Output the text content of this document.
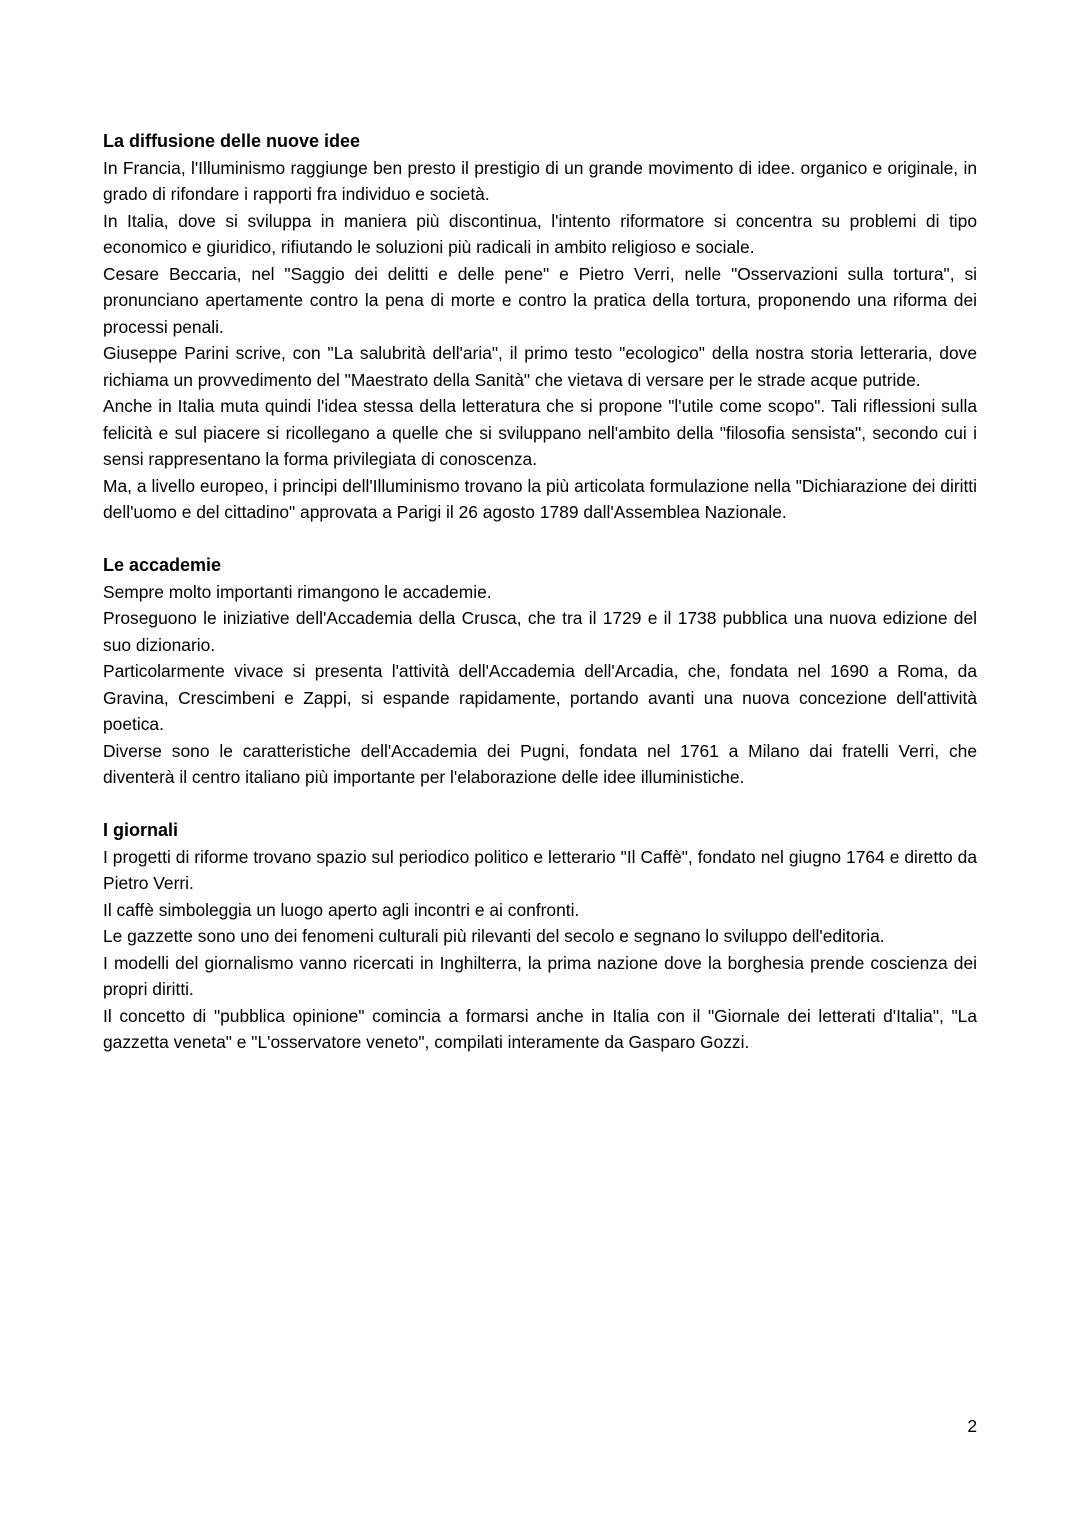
La diffusione delle nuove idee

In Francia, l'Illuminismo raggiunge ben presto il prestigio di un grande movimento di idee. organico e originale, in grado di rifondare i rapporti fra individuo e società.

In Italia, dove si sviluppa in maniera più discontinua, l'intento riformatore si concentra su problemi di tipo economico e giuridico, rifiutando le soluzioni più radicali in ambito religioso e sociale.

Cesare Beccaria, nel "Saggio dei delitti e delle pene" e Pietro Verri, nelle "Osservazioni sulla tortura", si pronunciano apertamente contro la pena di morte e contro la pratica della tortura, proponendo una riforma dei processi penali.

Giuseppe Parini scrive, con "La salubrità dell'aria", il primo testo "ecologico" della nostra storia letteraria, dove richiama un provvedimento del "Maestrato della Sanità" che vietava di versare per le strade acque putride.

Anche in Italia muta quindi l'idea stessa della letteratura che si propone "l'utile come scopo". Tali riflessioni sulla felicità e sul piacere si ricollegano a quelle che si sviluppano nell'ambito della "filosofia sensista", secondo cui i sensi rappresentano la forma privilegiata di conoscenza.

Ma, a livello europeo, i principi dell'Illuminismo trovano la più articolata formulazione nella "Dichiarazione dei diritti dell'uomo e del cittadino" approvata a Parigi il 26 agosto 1789 dall'Assemblea Nazionale.

Le accademie

Sempre molto importanti rimangono le accademie.

Proseguono le iniziative dell'Accademia della Crusca, che tra il 1729 e il 1738 pubblica una nuova edizione del suo dizionario.

Particolarmente vivace si presenta l'attività dell'Accademia dell'Arcadia, che, fondata nel 1690 a Roma, da Gravina, Crescimbeni e Zappi, si espande rapidamente, portando avanti una nuova concezione dell'attività poetica.

Diverse sono le caratteristiche dell'Accademia dei Pugni, fondata nel 1761 a Milano dai fratelli Verri, che diventerà il centro italiano più importante per l'elaborazione delle idee illuministiche.

I giornali

I progetti di riforme trovano spazio sul periodico politico e letterario "Il Caffè", fondato nel giugno 1764 e diretto da Pietro Verri.

Il caffè simboleggia un luogo aperto agli incontri e ai confronti.

Le gazzette sono uno dei fenomeni culturali più rilevanti del secolo e segnano lo sviluppo dell'editoria.

I modelli del giornalismo vanno ricercati in Inghilterra, la prima nazione dove la borghesia prende coscienza dei propri diritti.

Il concetto di "pubblica opinione" comincia a formarsi anche in Italia con il "Giornale dei letterati d'Italia", "La gazzetta veneta" e "L'osservatore veneto", compilati interamente da Gasparo Gozzi.

2
